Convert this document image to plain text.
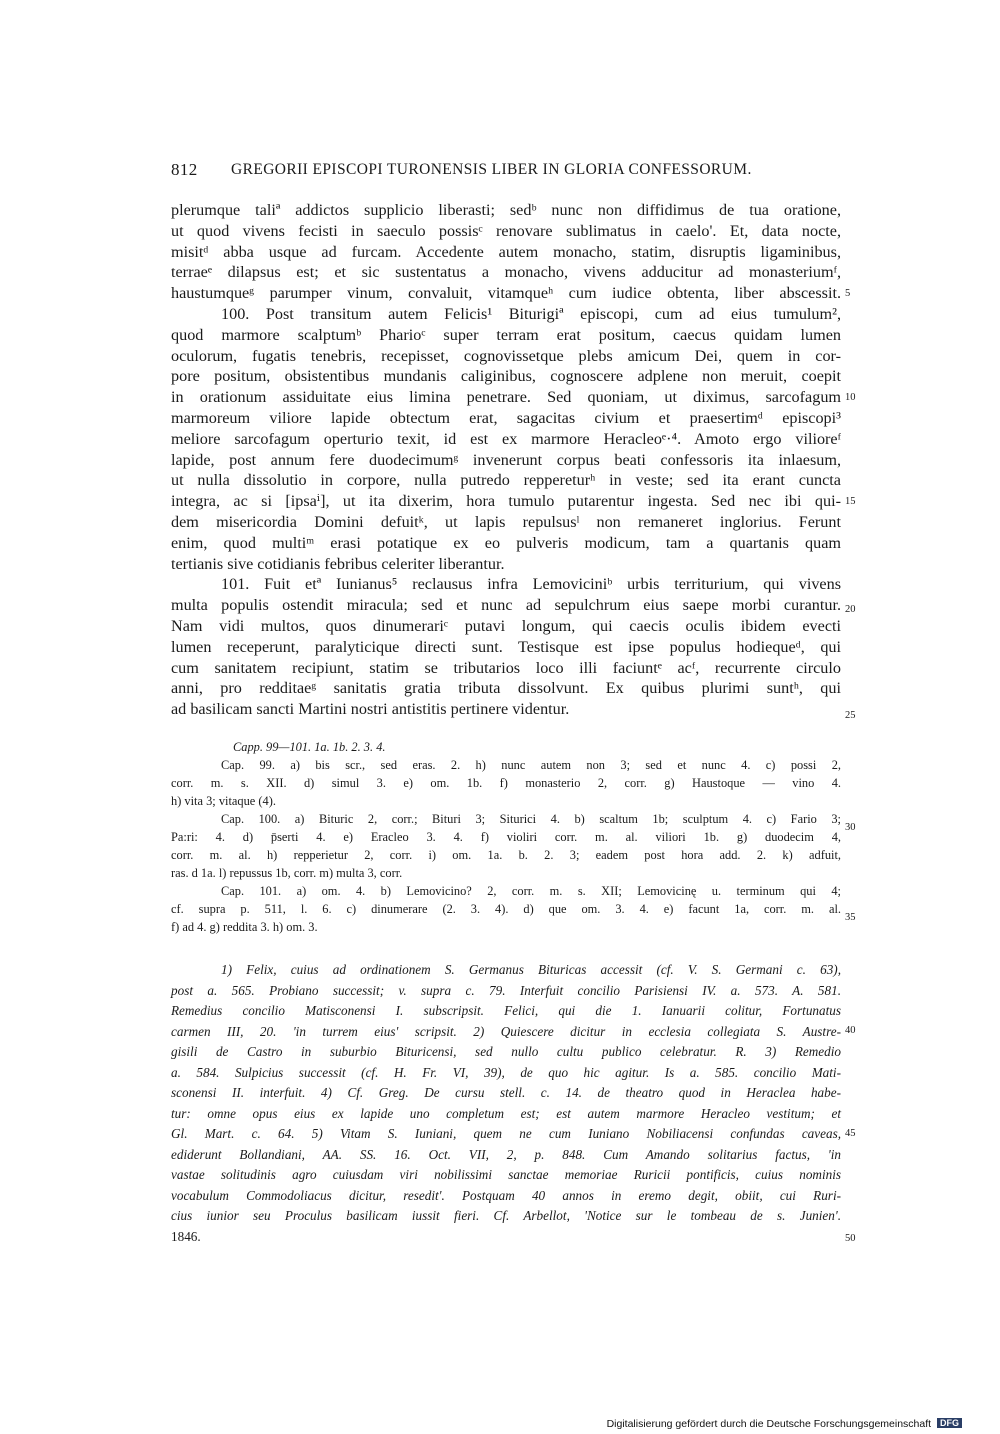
812 GREGORII EPISCOPI TURONENSIS LIBER IN GLORIA CONFESSORUM.

plerumque taliª addictos supplicio liberasti; sedᵇ nunc non diffidimus de tua oratione,
ut quod vivens fecisti in saeculo possisᶜ renovare sublimatus in caelo'. Et, data nocte,
misitᵈ abba usque ad furcam. Accedente autem monacho, statim, disruptis ligaminibus,
terraeᵉ dilapsus est; et sic sustentatus a monacho, vivens adducitur ad monasteriumᶠ,
haustumqueᵍ parumper vinum, convaluit, vitamqueʰ cum iudice obtenta, liber abscessit.

100. Post transitum autem Felicis¹ Biturigiª episcopi, cum ad eius tumulum²,
quod marmore scalptumᵇ Pharioᶜ super terram erat positum, caecus quidam lumen
oculorum, fugatis tenebris, recepisset, cognovissetque plebs amicum Dei, quem in cor-
pore positum, obsistentibus mundanis caliginibus, cognoscere adplene non meruit, coepit
in orationum assiduitate eius limina penetrare. Sed quoniam, ut diximus, sarcofagum
marmoreum viliore lapide obtectum erat, sagacitas civium et praesertimᵈ episcopi³
meliore sarcofagum operturio texit, id est ex marmore Heracleoᵉ·⁴. Amoto ergo vilioreᶠ
lapide, post annum fere duodecimumᵍ invenerunt corpus beati confessoris ita inlaesum,
ut nulla dissolutio in corpore, nulla putredo reppereturʰ in veste; sed ita erant cuncta
integra, ac si [ipsaⁱ], ut ita dixerim, hora tumulo putarentur ingesta. Sed nec ibi qui-
dem misericordia Domini defuitᵏ, ut lapis repulsusˡ non remaneret inglorius. Ferunt
enim, quod multiᵐ erasi potatique ex eo pulveris modicum, tam a quartanis quam
tertianis sive cotidianis febribus celeriter liberantur.

101. Fuit etª Iunianus⁵ reclausus infra Lemoviciniᵇ urbis territurium, qui vivens
multa populis ostendit miracula; sed et nunc ad sepulchrum eius saepe morbi curantur.
Nam vidi multos, quos dinumerariᶜ putavi longum, qui caecis oculis ibidem evecti
lumen receperunt, paralyticique directi sunt. Testisque est ipse populus hodiequeᵈ, qui
cum sanitatem recipiunt, statim se tributarios loco illi faciuntᵉ acᶠ, recurrente circulo
anni, pro redditaeᵍ sanitatis gratia tributa dissolvunt. Ex quibus plurimi suntʰ, qui
ad basilicam sancti Martini nostri antistitis pertinere videntur.

5
10
15
20
25
Capp. 99—101. 1a. 1b. 2. 3. 4.
Cap. 99. a) bis scr., sed eras. 2. h) nunc autem non 3; sed et nunc 4. c) possi 2,
corr. m. s. XII. d) simul 3. e) om. 1b. f) monasterio 2, corr. g) Haustoque — vino 4.
h) vita 3; vitaque (4).
Cap. 100. a) Bituric 2, corr.; Bituri 3; Siturici 4. b) scaltum 1b; sculptum 4. c) Fario 3;
Pa:ri: 4. d) p̄serti 4. e) Eracleo 3. 4. f) violiri corr. m. al. viliori 1b. g) duodecim 4,
corr. m. al. h) repperietur 2, corr. i) om. 1a. b. 2. 3; eadem post hora add. 2. k) adfuit,
ras. d 1a. l) repussus 1b, corr. m) multa 3, corr.
Cap. 101. a) om. 4. b) Lemovicino? 2, corr. m. s. XII; Lemovicinę u. terminum qui 4;
cf. supra p. 511, l. 6. c) dinumerare (2. 3. 4). d) que om. 3. 4. e) facunt 1a, corr. m. al.
f) ad 4. g) reddita 3. h) om. 3.
30
35
1) Felix, cuius ad ordinationem S. Germanus Bituricas accessit (cf. V. S. Germani c. 63),
post a. 565. Probiano successit; v. supra c. 79. Interfuit concilio Parisiensi IV. a. 573. A. 581.
Remedius concilio Matisconensi I. subscripsit. Felici, qui die 1. Ianuarii colitur, Fortunatus
carmen III, 20. 'in turrem eius' scripsit. 2) Quiescere dicitur in ecclesia collegiata S. Austre-
gisili de Castro in suburbio Bituricensi, sed nullo cultu publico celebratur. R. 3) Remedio
a. 584. Sulpicius successit (cf. H. Fr. VI, 39), de quo hic agitur. Is a. 585. concilio Mati-
sconensi II. interfuit. 4) Cf. Greg. De cursu stell. c. 14. de theatro quod in Heraclea habe-
tur: omne opus eius ex lapide uno completum est; est autem marmore Heracleo vestitum; et
Gl. Mart. c. 64. 5) Vitam S. Iuniani, quem ne cum Iuniano Nobiliacensi confundas caveas,
ediderunt Bollandiani, AA. SS. 16. Oct. VII, 2, p. 848. Cum Amando solitarius factus, 'in
vastae solitudinis agro cuiusdam viri nobilissimi sanctae memoriae Ruricii pontificis, cuius nominis
vocabulum Commodoliacus dicitur, resedit'. Postquam 40 annos in eremo degit, obiit, cui Ruri-
cius iunior seu Proculus basilicam iussit fieri. Cf. Arbellot, 'Notice sur le tombeau de s. Junien'.
1846.
40
45
50
Digitalisierung gefördert durch die Deutsche Forschungsgemeinschaft DFG
